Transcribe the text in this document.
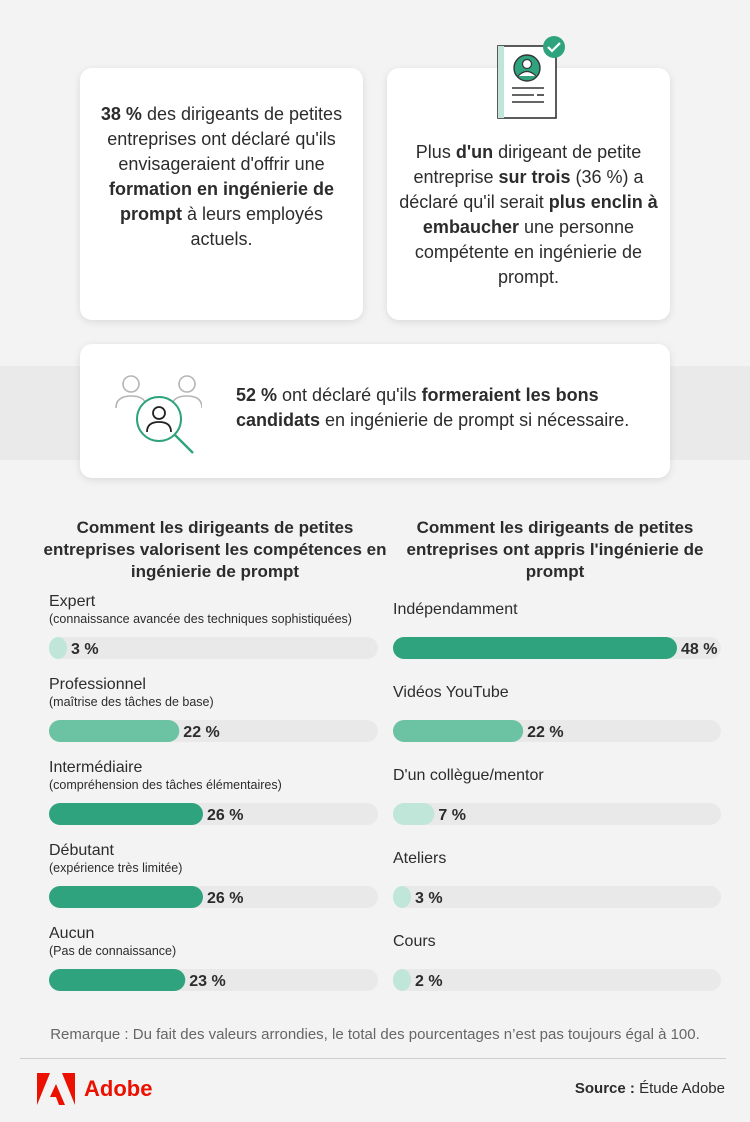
38 % des dirigeants de petites entreprises ont déclaré qu'ils envisageraient d'offrir une formation en ingénierie de prompt à leurs employés actuels.
Plus d'un dirigeant de petite entreprise sur trois (36 %) a déclaré qu'il serait plus enclin à embaucher une personne compétente en ingénierie de prompt.
52 % ont déclaré qu'ils formeraient les bons candidats en ingénierie de prompt si nécessaire.
Comment les dirigeants de petites entreprises valorisent les compétences en ingénierie de prompt
Comment les dirigeants de petites entreprises ont appris l'ingénierie de prompt
Expert
(connaissance avancée des techniques sophistiquées)
3 %
Professionnel
(maîtrise des tâches de base)
22 %
Intermédiaire
(compréhension des tâches élémentaires)
26 %
Débutant
(expérience très limitée)
26 %
Aucun
(Pas de connaissance)
23 %
Indépendamment
48 %
Vidéos YouTube
22 %
D'un collègue/mentor
7 %
Ateliers
3 %
Cours
2 %
Remarque : Du fait des valeurs arrondies, le total des pourcentages n’est pas toujours égal à 100.
Adobe	Source : Étude Adobe
